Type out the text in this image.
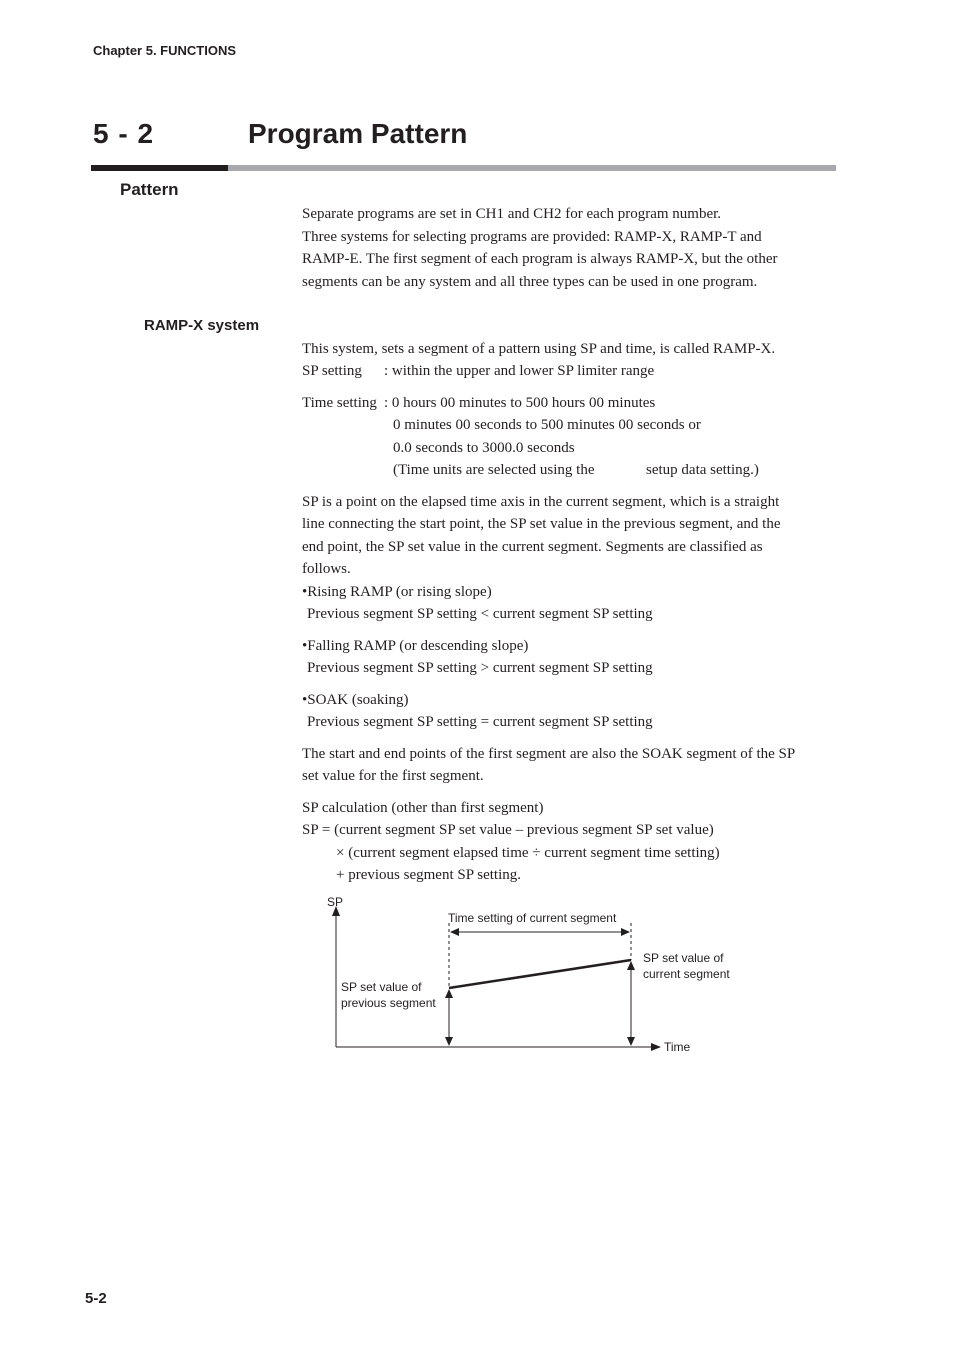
Chapter 5. FUNCTIONS
5 - 2	Program Pattern
Pattern
Separate programs are set in CH1 and CH2 for each program number.
Three systems for selecting programs are provided: RAMP-X, RAMP-T and
RAMP-E. The first segment of each program is always RAMP-X, but the other
segments can be any system and all three types can be used in one program.
RAMP-X system
This system, sets a segment of a pattern using SP and time, is called RAMP-X.
SP setting : within the upper and lower SP limiter range
Time setting : 0 hours 00 minutes to 500 hours 00 minutes
0 minutes 00 seconds to 500 minutes 00 seconds or
0.0 seconds to 3000.0 seconds
(Time units are selected using the	setup data setting.)
SP is a point on the elapsed time axis in the current segment, which is a straight
line connecting the start point, the SP set value in the previous segment, and the
end point, the SP set value in the current segment. Segments are classified as
follows.
•Rising RAMP (or rising slope)
Previous segment SP setting < current segment SP setting
•Falling RAMP (or descending slope)
Previous segment SP setting > current segment SP setting
•SOAK (soaking)
Previous segment SP setting = current segment SP setting
The start and end points of the first segment are also the SOAK segment of the SP
set value for the first segment.
SP calculation (other than first segment)
SP = (current segment SP set value – previous segment SP set value)
× (current segment elapsed time ÷ current segment time setting)
+ previous segment SP setting.
SP
Time
Time setting of current segment
SP set value of
previous segment
SP set value of
current segment
5-2
